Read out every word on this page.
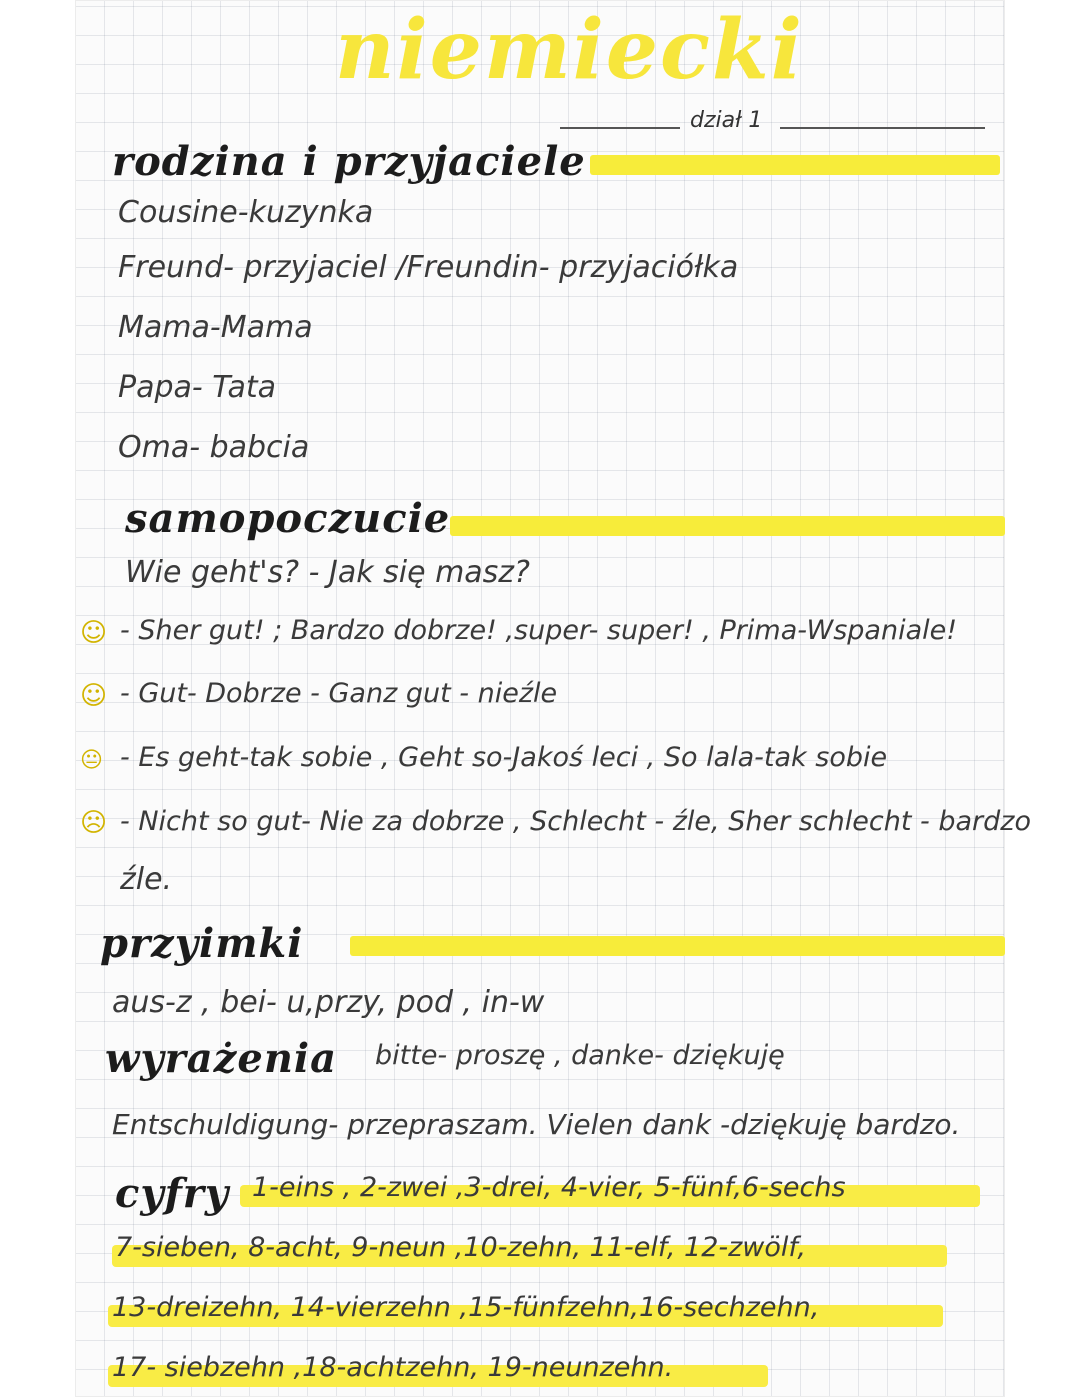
niemiecki
dział 1
rodzina i przyjaciele
Cousine-kuzynka
Freund- przyjaciel /Freundin- przyjaciółka
Mama-Mama
Papa- Tata
Oma- babcia
samopoczucie
Wie geht's? - Jak się masz?
☺ - Sher gut! ; Bardzo dobrze! ,super- super! , Prima-Wspaniale!
☺ - Gut- Dobrze - Ganz gut - nieźle
😐 - Es geht-tak sobie , Geht so-Jakoś leci , So lala-tak sobie
☹ - Nicht so gut- Nie za dobrze , Schlecht - źle, Sher schlecht - bardzo
źle.
przyimki
aus-z , bei- u,przy, pod , in-w
wyrażenia bitte- proszę , danke- dziękuję
Entschuldigung- przepraszam. Vielen dank -dziękuję bardzo.
cyfry 1-eins , 2-zwei ,3-drei, 4-vier, 5-fünf,6-sechs
7-sieben, 8-acht, 9-neun ,10-zehn, 11-elf, 12-zwölf,
13-dreizehn, 14-vierzehn ,15-fünfzehn,16-sechzehn,
17- siebzehn ,18-achtzehn, 19-neunzehn.
